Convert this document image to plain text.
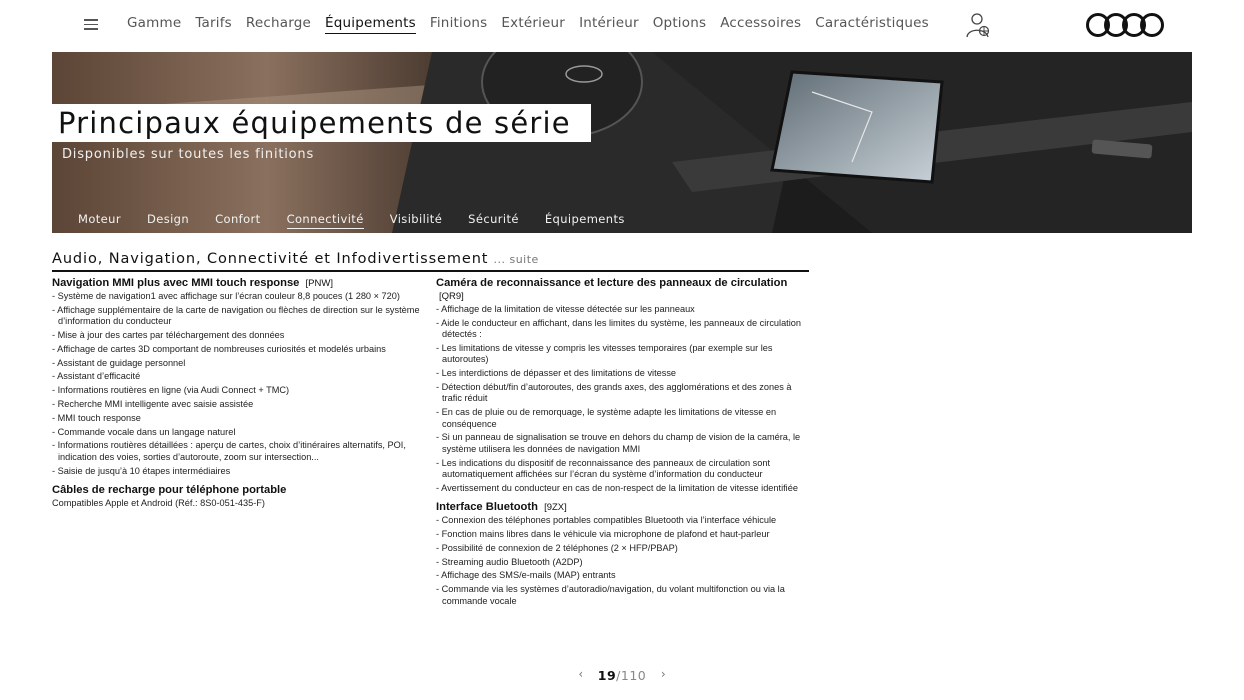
Gamme Tarifs Recharge Équipements Finitions Extérieur Intérieur Options Accessoires Caractéristiques
Principaux équipements de série
Disponibles sur toutes les finitions
Moteur Design Confort Connectivité Visibilité Sécurité Équipements
Audio, Navigation, Connectivité et Infodivertissement ... suite
Navigation MMI plus avec MMI touch response [PNW]
- Système de navigation1 avec affichage sur l’écran couleur 8,8 pouces (1 280 × 720)
- Affichage supplémentaire de la carte de navigation ou flèches de direction sur le système d’information du conducteur
- Mise à jour des cartes par téléchargement des données
- Affichage de cartes 3D comportant de nombreuses curiosités et modelés urbains
- Assistant de guidage personnel
- Assistant d’efficacité
- Informations routières en ligne (via Audi Connect + TMC)
- Recherche MMI intelligente avec saisie assistée
- MMI touch response
- Commande vocale dans un langage naturel
- Informations routières détaillées : aperçu de cartes, choix d’itinéraires alternatifs, POI, indication des voies, sorties d’autoroute, zoom sur intersection...
- Saisie de jusqu’à 10 étapes intermédiaires
Câbles de recharge pour téléphone portable
Compatibles Apple et Android (Réf.: 8S0-051-435-F)
Caméra de reconnaissance et lecture des panneaux de circulation [QR9]
- Affichage de la limitation de vitesse détectée sur les panneaux
- Aide le conducteur en affichant, dans les limites du système, les panneaux de circulation détectés :
- Les limitations de vitesse y compris les vitesses temporaires (par exemple sur les autoroutes)
- Les interdictions de dépasser et des limitations de vitesse
- Détection début/fin d’autoroutes, des grands axes, des agglomérations et des zones à trafic réduit
- En cas de pluie ou de remorquage, le système adapte les limitations de vitesse en conséquence
- Si un panneau de signalisation se trouve en dehors du champ de vision de la caméra, le système utilisera les données de navigation MMI
- Les indications du dispositif de reconnaissance des panneaux de circulation sont automatiquement affichées sur l’écran du système d’information du conducteur
- Avertissement du conducteur en cas de non-respect de la limitation de vitesse identifiée
Interface Bluetooth [9ZX]
- Connexion des téléphones portables compatibles Bluetooth via l’interface véhicule
- Fonction mains libres dans le véhicule via microphone de plafond et haut-parleur
- Possibilité de connexion de 2 téléphones (2 × HFP/PBAP)
- Streaming audio Bluetooth (A2DP)
- Affichage des SMS/e-mails (MAP) entrants
- Commande via les systèmes d’autoradio/navigation, du volant multifonction ou via la commande vocale
‹	19/110	›
